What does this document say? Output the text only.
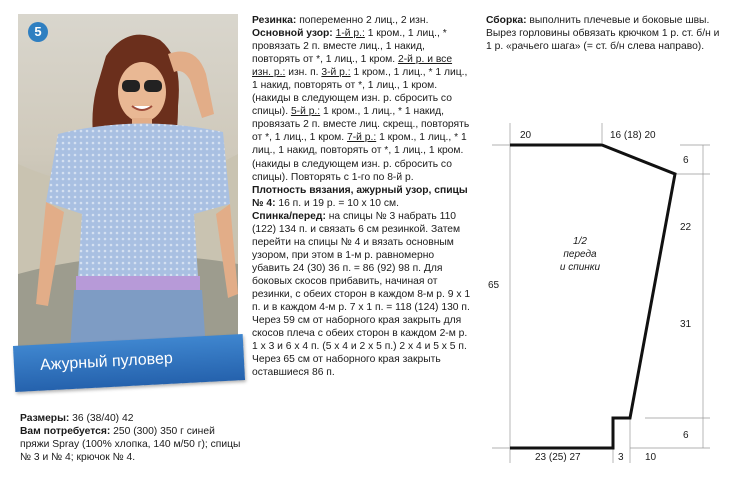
5
Ажурный пуловер

Размеры: 36 (38/40) 42

Вам потребуется: 250 (300) 350 г синей пряжи Spray (100% хлопка, 140 м/50 г); спицы № 3 и № 4; крючок № 4.

Резинка: попеременно 2 лиц., 2 изн.

Основной узор: 1-й р.: 1 кром., 1 лиц., * провязать 2 п. вместе лиц., 1 накид, повторять от *, 1 лиц., 1 кром. 2-й р. и все изн. р.: изн. п. 3-й р.: 1 кром., 1 лиц., * 1 лиц., 1 накид, повторять от *, 1 лиц., 1 кром. (накиды в следующем изн. р. сбросить со спицы). 5-й р.: 1 кром., 1 лиц., * 1 накид, провязать 2 п. вместе лиц. скрещ., повторять от *, 1 лиц., 1 кром. 7-й р.: 1 кром., 1 лиц., * 1 лиц., 1 накид, повторять от *, 1 лиц., 1 кром. (накиды в следующем изн. р. сбросить со спицы). Повторять с 1-го по 8-й р.

Плотность вязания, ажурный узор, спицы № 4: 16 п. и 19 р. = 10 х 10 см.

Спинка/перед: на спицы № 3 набрать 110 (122) 134 п. и связать 6 см резинкой. Затем перейти на спицы № 4 и вязать основным узором, при этом в 1-м р. равномерно убавить 24 (30) 36 п. = 86 (92) 98 п. Для боковых скосов прибавить, начиная от резинки, с обеих сторон в каждом 8-м р. 9 х 1 п. и в каждом 4-м р. 7 х 1 п. = 118 (124) 130 п. Через 59 см от наборного края закрыть для скосов плеча с обеих сторон в каждом 2-м р. 1 х 3 и 6 х 4 п. (5 х 4 и 2 х 5 п.) 2 х 4 и 5 х 5 п. Через 65 см от наборного края закрыть оставшиеся 86 п.

Сборка: выполнить плечевые и боковые швы. Вырез горловины обвязать крючком 1 р. ст. б/н и 1 р. «рачьего шага» (= ст. б/н слева направо).

20	16 (18) 20
6
22
31
6
65
23 (25) 27	3 10
1/2
переда
и спинки
